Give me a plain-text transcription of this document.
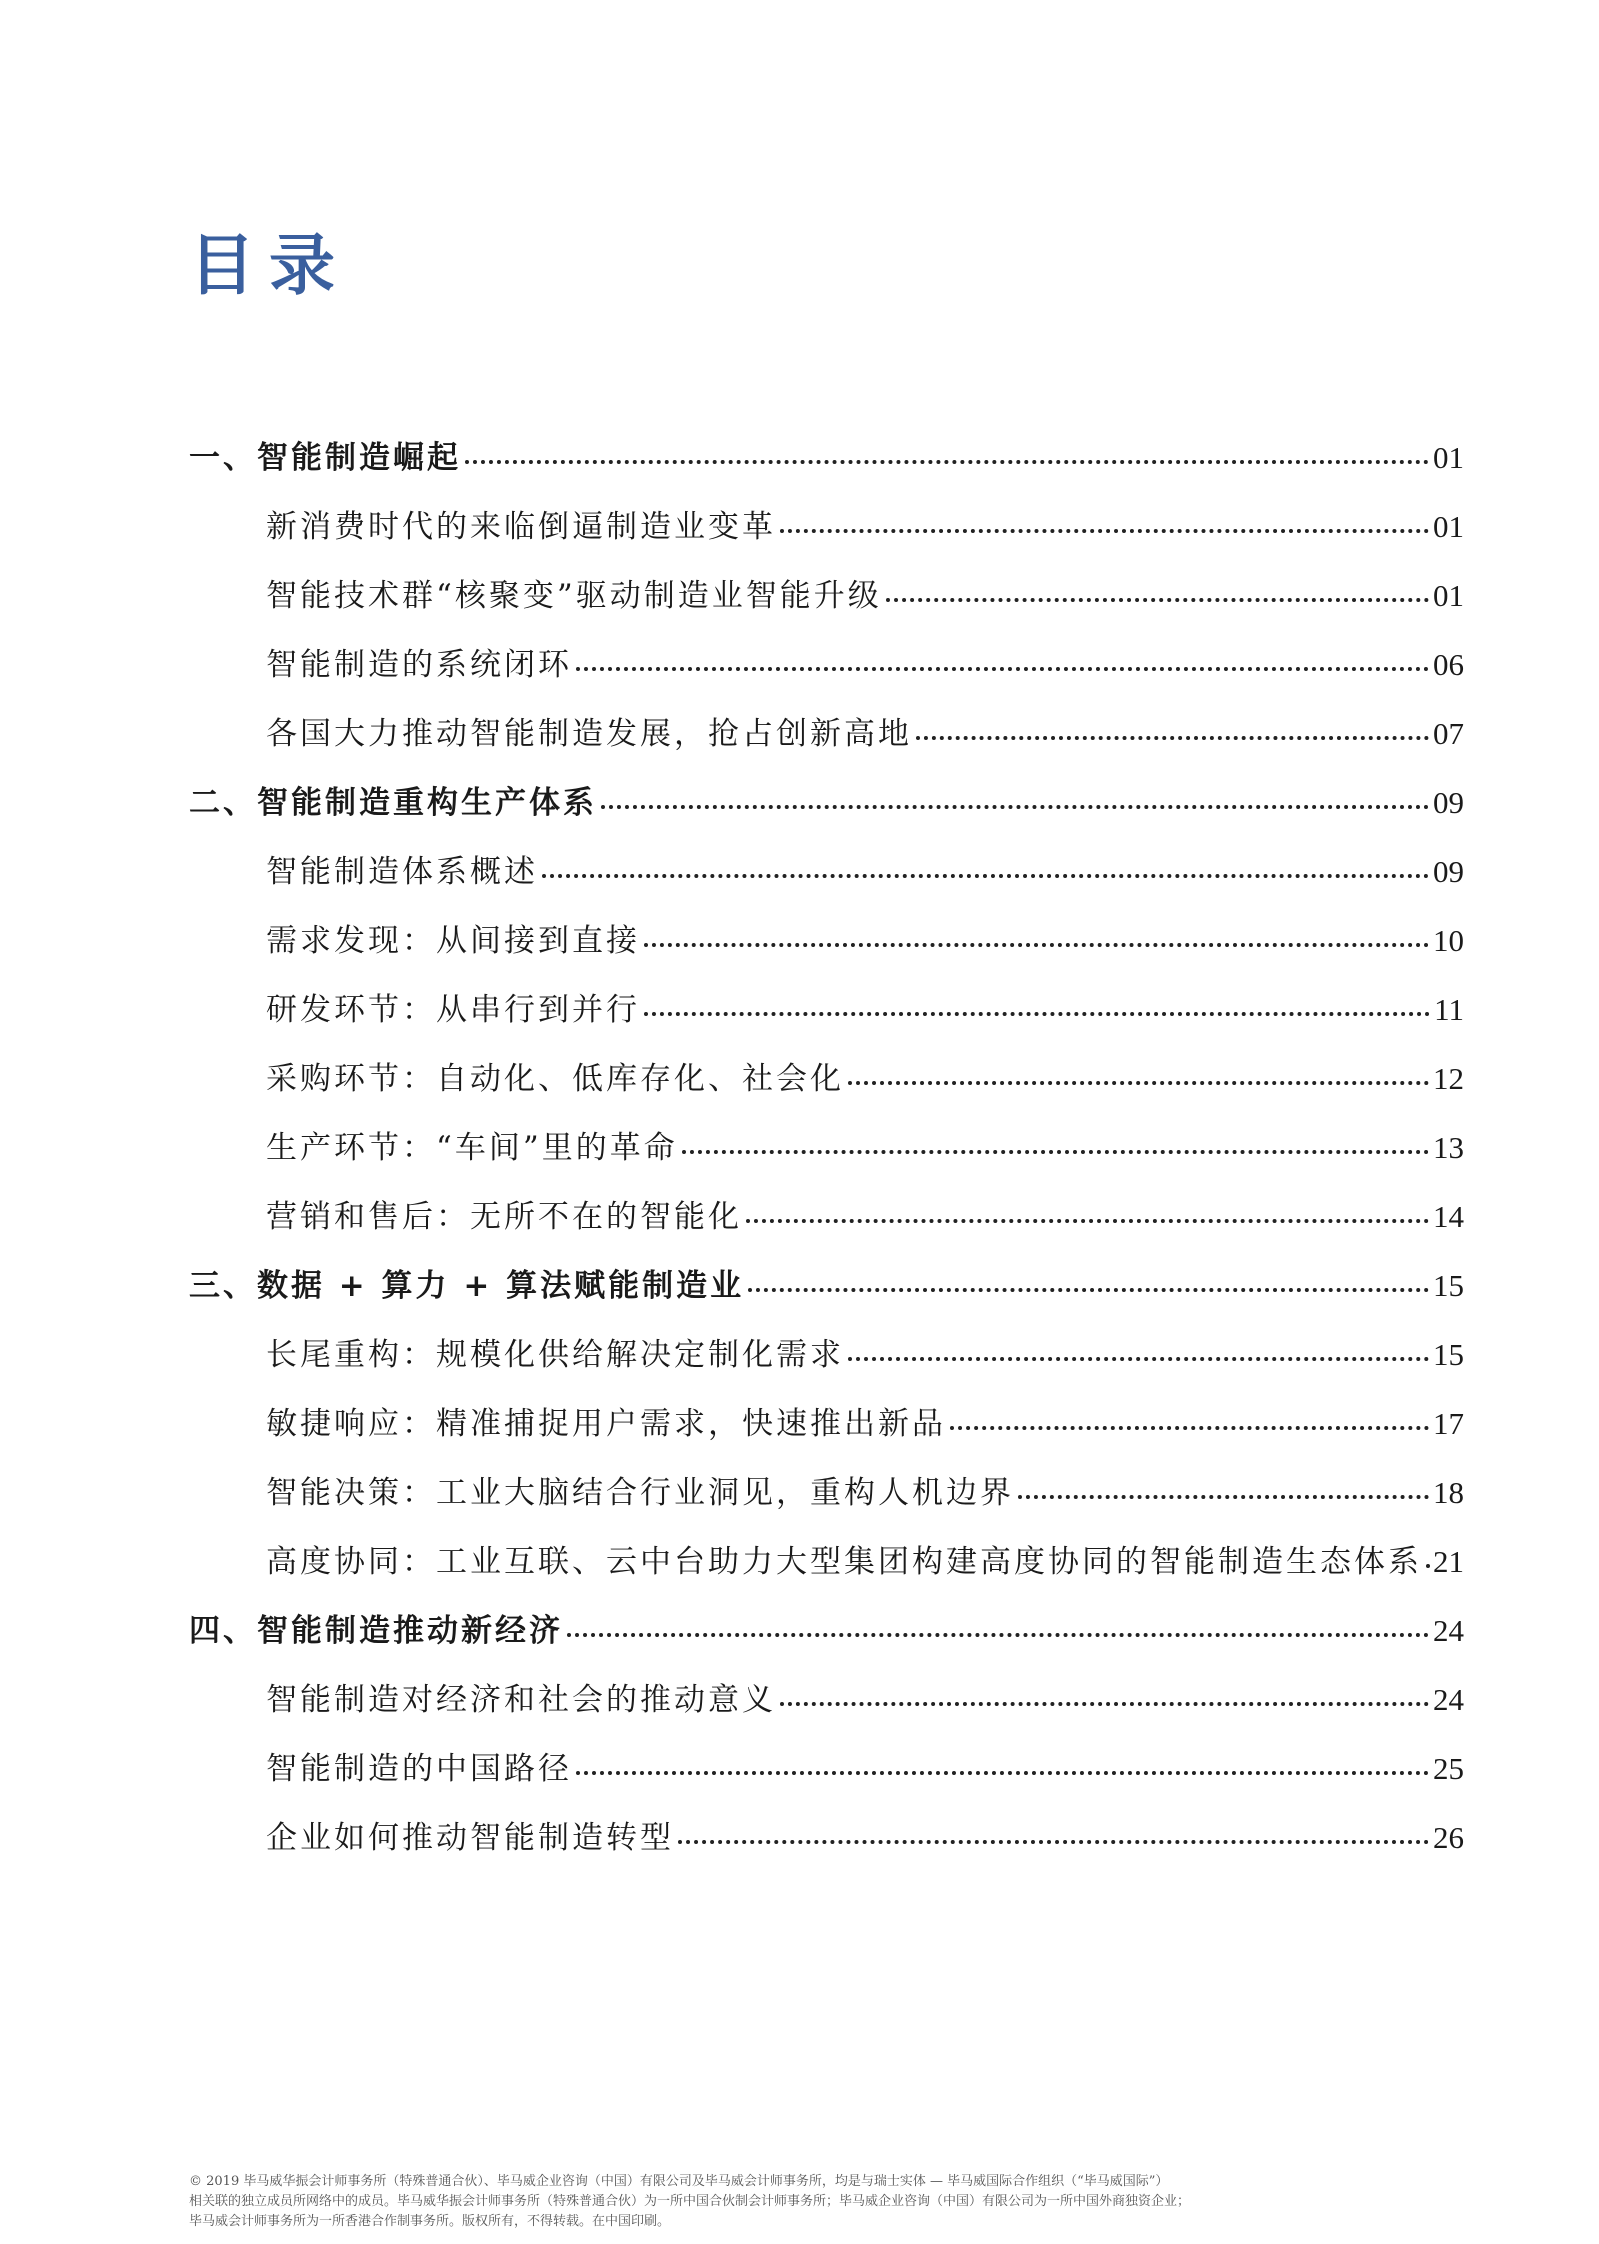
目录
一、智能制造崛起	01
新消费时代的来临倒逼制造业变革	01
智能技术群“核聚变”驱动制造业智能升级	01
智能制造的系统闭环	06
各国大力推动智能制造发展，抢占创新高地	07
二、智能制造重构生产体系	09
智能制造体系概述	09
需求发现：从间接到直接	10
研发环节：从串行到并行	11
采购环节：自动化、低库存化、社会化	12
生产环节：“车间”里的革命	13
营销和售后：无所不在的智能化	14
三、数据 + 算力 + 算法赋能制造业	15
长尾重构：规模化供给解决定制化需求	15
敏捷响应：精准捕捉用户需求，快速推出新品	17
智能决策：工业大脑结合行业洞见，重构人机边界	18
高度协同：工业互联、云中台助力大型集团构建高度协同的智能制造生态体系 21
四、智能制造推动新经济	24
智能制造对经济和社会的推动意义	24
智能制造的中国路径	25
企业如何推动智能制造转型	26
© 2019 毕马威华振会计师事务所（特殊普通合伙）、毕马威企业咨询（中国）有限公司及毕马威会计师事务所，均是与瑞士实体 — 毕马威国际合作组织（“毕马威国际”）
相关联的独立成员所网络中的成员。毕马威华振会计师事务所（特殊普通合伙）为一所中国合伙制会计师事务所；毕马威企业咨询（中国）有限公司为一所中国外商独资企业；
毕马威会计师事务所为一所香港合作制事务所。版权所有，不得转载。在中国印刷。
